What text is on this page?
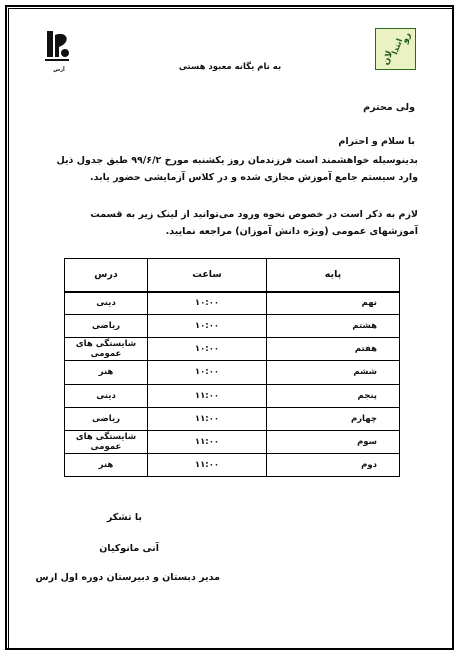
آرس
لان
ابتدا
رو
به نام یگانه معبود هستی
ولی محترم
با سلام و احترام
بدینوسیله خواهشمند است فرزندمان روز یکشنبه مورخ ۹۹/۶/۲ طبق جدول ذیل وارد سیستم جامع آموزش مجازی شده و در کلاس آزمایشی حضور یابد.
لازم به ذکر است در خصوص نحوه ورود می‌توانید از لینک زیر به قسمت آموزشهای عمومی (ویژه دانش آموزان) مراجعه نمایید.
پایه	ساعت	درس
نهم	۱۰:۰۰	دینی
هشتم	۱۰:۰۰	ریاضی
هفتم	۱۰:۰۰	شایستگی های عمومی
ششم	۱۰:۰۰	هنر
پنجم	۱۱:۰۰	دینی
چهارم	۱۱:۰۰	ریاضی
سوم	۱۱:۰۰	شایستگی های عمومی
دوم	۱۱:۰۰	هنر
با تشکر
آنی مانوکیان
مدیر دبستان و دبیرستان دوره اول ارس
